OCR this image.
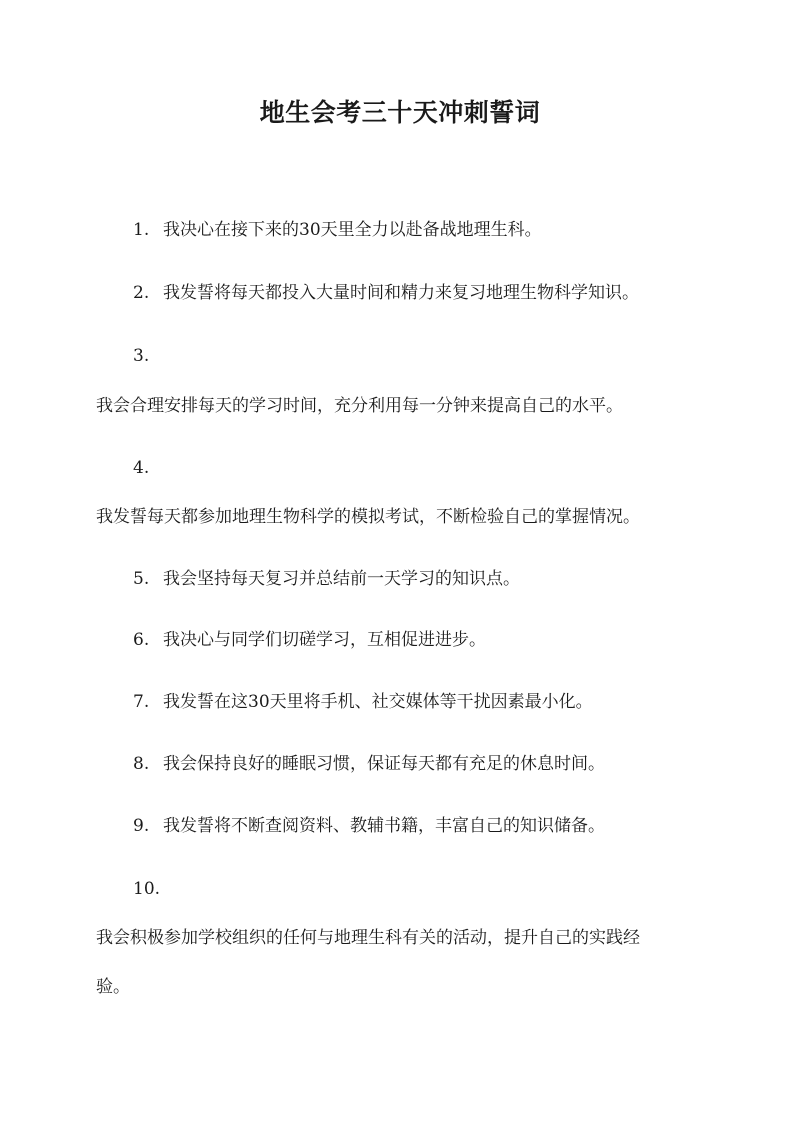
地生会考三十天冲刺誓词
1. 我决心在接下来的30天里全力以赴备战地理生科。
2. 我发誓将每天都投入大量时间和精力来复习地理生物科学知识。
3.
我会合理安排每天的学习时间，充分利用每一分钟来提高自己的水平。
4.
我发誓每天都参加地理生物科学的模拟考试，不断检验自己的掌握情况。
5. 我会坚持每天复习并总结前一天学习的知识点。
6. 我决心与同学们切磋学习，互相促进进步。
7. 我发誓在这30天里将手机、社交媒体等干扰因素最小化。
8. 我会保持良好的睡眠习惯，保证每天都有充足的休息时间。
9. 我发誓将不断查阅资料、教辅书籍，丰富自己的知识储备。
10.
我会积极参加学校组织的任何与地理生科有关的活动，提升自己的实践经
验。
